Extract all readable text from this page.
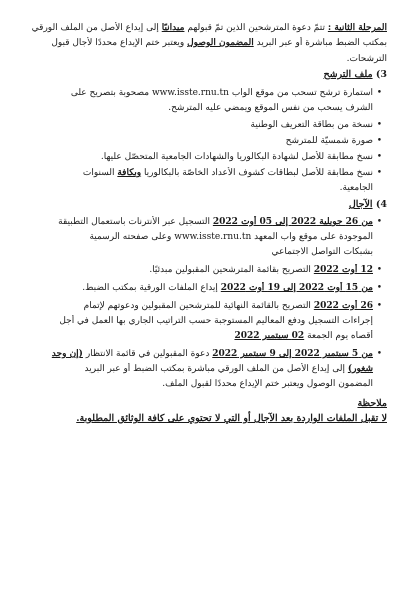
المرحلة الثانية : تتمّ دعوة المترشحين الذين تمّ قبولهم ميدانيًا إلى إيداع الأصل من الملف الورقي
بمكتب الضبط مباشرة أو عبر البريد المضمون الوصول ويعتبر ختم الإيداع محددًا لأجال قبول
الترشحات.
3) ملف الترشح
•
استمارة ترشح تسحب من موقع الواب www.isste.rnu.tn مصحوبة بتصريح على
الشرف يسحب من نفس الموقع ويمضي عليه المترشح.
•
نسخة من بطاقة التعريف الوطنية
•
صورة شمسيّة للمترشح
•
نسخ مطابقة للأصل لشهادة البكالوريا والشهادات الجامعية المتحصّل عليها.
•
نسخ مطابقة للأصل لبطاقات كشوف الأعداد الخاصّة بالبكالوريا وبكافة السنوات
الجامعية.
4) الآجال
•
من 26 جويلية 2022 إلى 05 أوت 2022 التسجيل عبر الأنترنات باستعمال التطبيقة
الموجودة على موقع واب المعهد www.isste.rnu.tn وعلى صفحته الرسمية
بشبكات التواصل الاجتماعي
•
12 أوت 2022 التصريح بقائمة المترشحين المقبولين مبدئيًا.
•
من 15 أوت 2022 إلى 19 أوت 2022 إيداع الملفات الورقية بمكتب الضبط.
•
26 أوت 2022 التصريح بالقائمة النهائية للمترشحين المقبولين ودعوتهم لإتمام
إجراءات التسجيل ودفع المعاليم المستوجبة حسب التراتيب الجاري بها العمل في أجل
أقصاه يوم الجمعة 02 سبتمبر 2022
•
من 5 سبتمبر 2022 إلى 9 سبتمبر 2022 دعوة المقبولين في قائمة الانتظار (إن وجد
شغور) إلى إيداع الأصل من الملف الورقي مباشرة بمكتب الضبط أو عبر البريد
المضمون الوصول ويعتبر ختم الإيداع محددًا لقبول الملف.
ملاحظة
لا تقبل الملفات الواردة بعد الآجال أو التي لا تحتوي على كافة الوثائق المطلوبة.
